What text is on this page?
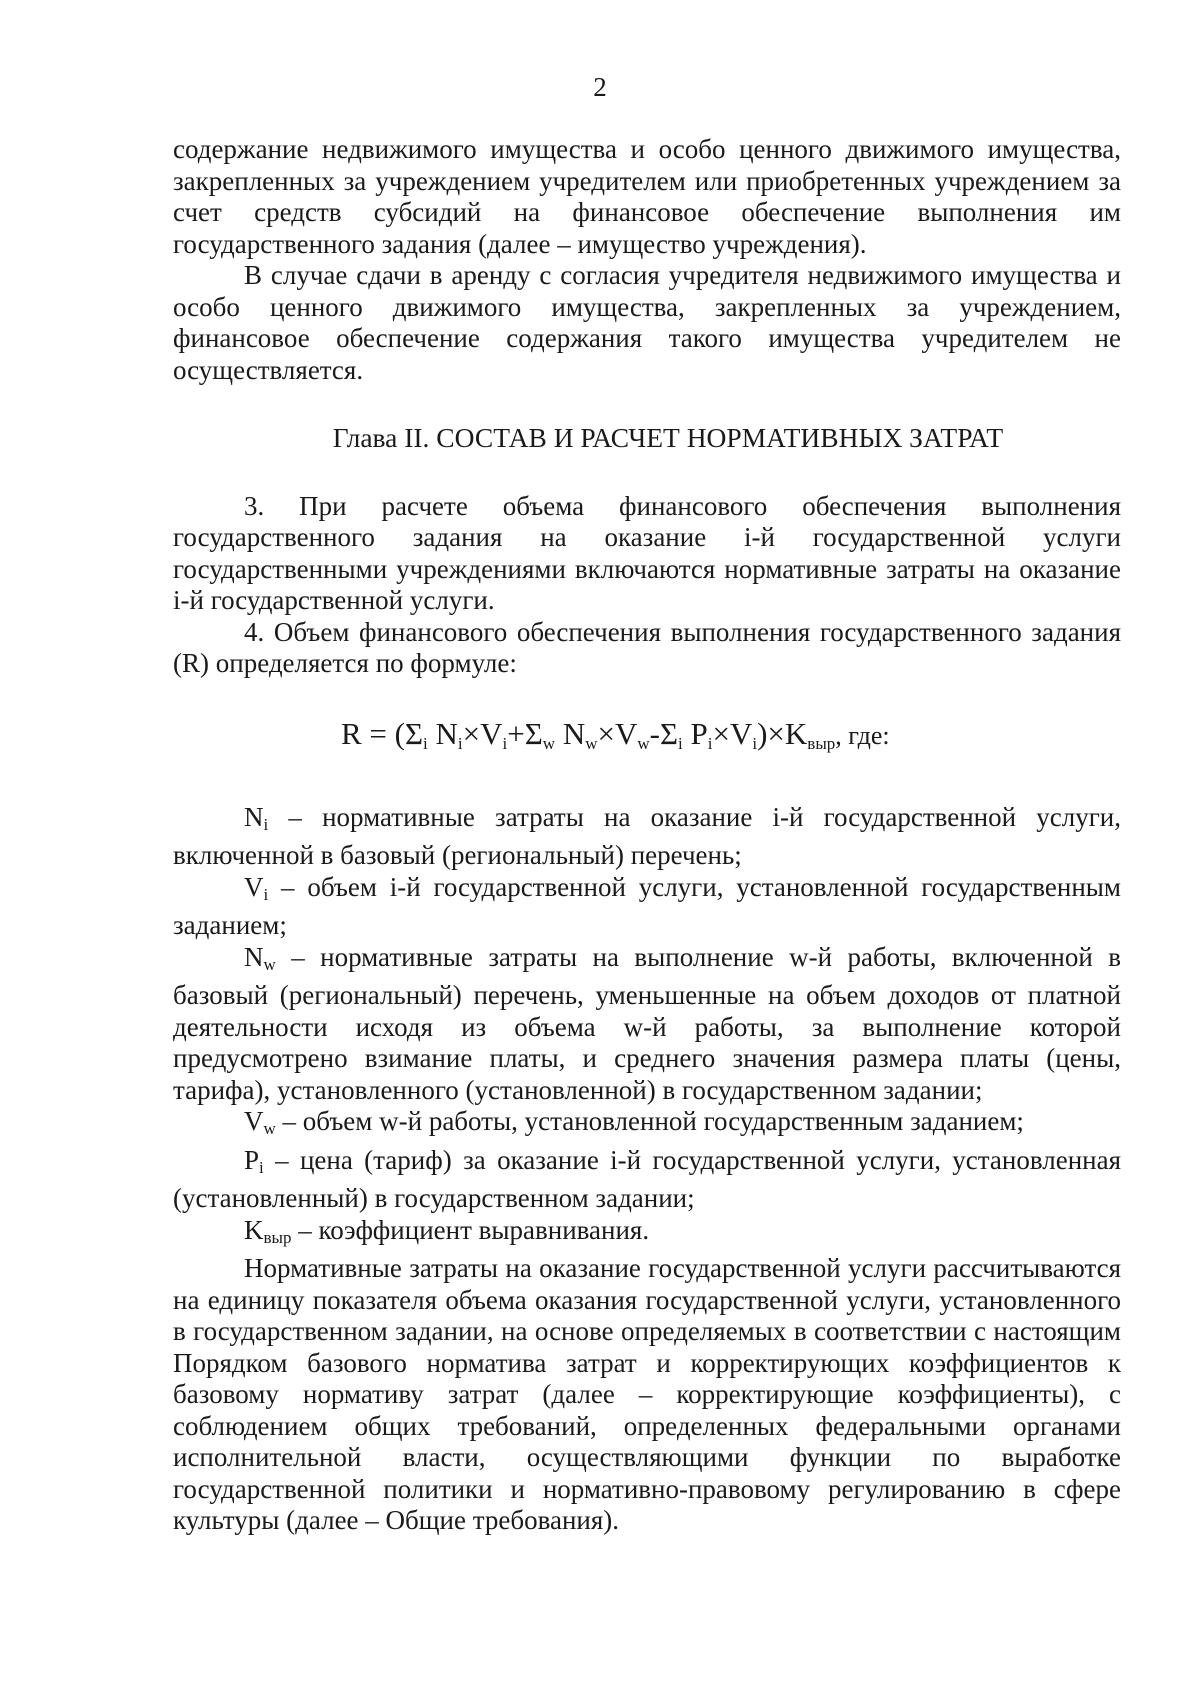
2

содержание недвижимого имущества и особо ценного движимого имущества, закрепленных за учреждением учредителем или приобретенных учреждением за счет средств субсидий на финансовое обеспечение выполнения им государственного задания (далее – имущество учреждения).

В случае сдачи в аренду с согласия учредителя недвижимого имущества и особо ценного движимого имущества, закрепленных за учреждением, финансовое обеспечение содержания такого имущества учредителем не осуществляется.

Глава II. СОСТАВ И РАСЧЕТ НОРМАТИВНЫХ ЗАТРАТ

3. При расчете объема финансового обеспечения выполнения государственного задания на оказание i-й государственной услуги государственными учреждениями включаются нормативные затраты на оказание i-й государственной услуги.

4. Объем финансового обеспечения выполнения государственного задания (R) определяется по формуле:

$R = (\Sigma_i$ $N_i\times V_i+\Sigma_w$ $N_w\times V_w-\Sigma_i$ $P_i\times V_i)\times K_{выр}$, где:

$N_i$ – нормативные затраты на оказание i-й государственной услуги, включенной в базовый (региональный) перечень;

$V_i$ – объем i-й государственной услуги, установленной государственным заданием;

$N_w$ – нормативные затраты на выполнение w-й работы, включенной в базовый (региональный) перечень, уменьшенные на объем доходов от платной деятельности исходя из объема w-й работы, за выполнение которой предусмотрено взимание платы, и среднего значения размера платы (цены, тарифа), установленного (установленной) в государственном задании;

$V_w$ – объем w-й работы, установленной государственным заданием;

$P_i$ – цена (тариф) за оказание i-й государственной услуги, установленная (установленный) в государственном задании;

$K_{выр}$ – коэффициент выравнивания.

Нормативные затраты на оказание государственной услуги рассчитываются на единицу показателя объема оказания государственной услуги, установленного в государственном задании, на основе определяемых в соответствии с настоящим Порядком базового норматива затрат и корректирующих коэффициентов к базовому нормативу затрат (далее – корректирующие коэффициенты), с соблюдением общих требований, определенных федеральными органами исполнительной власти, осуществляющими функции по выработке государственной политики и нормативно-правовому регулированию в сфере культуры (далее – Общие требования).
